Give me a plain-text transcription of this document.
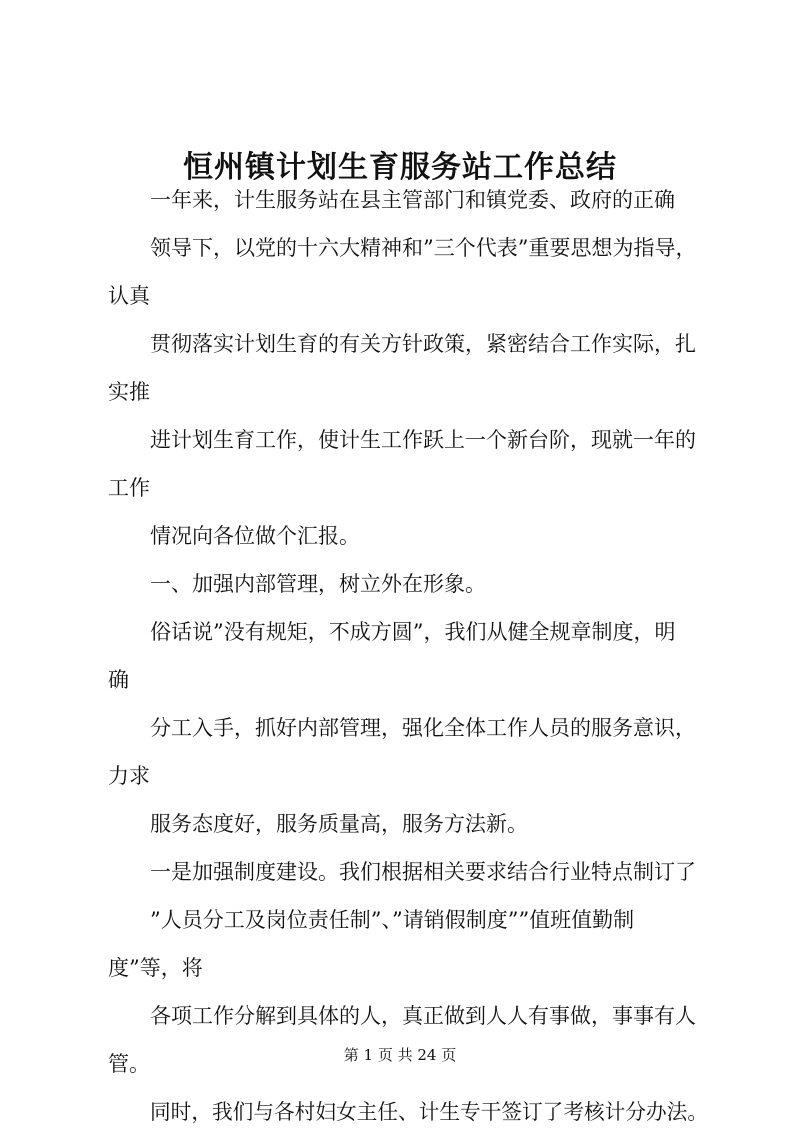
恒州镇计划生育服务站工作总结

一年来，计生服务站在县主管部门和镇党委、政府的正确

领导下，以党的十六大精神和”三个代表”重要思想为指导，

认真

贯彻落实计划生育的有关方针政策，紧密结合工作实际，扎

实推

进计划生育工作，使计生工作跃上一个新台阶，现就一年的

工作

情况向各位做个汇报。

一、加强内部管理，树立外在形象。

俗话说”没有规矩，不成方圆”，我们从健全规章制度，明

确

分工入手，抓好内部管理，强化全体工作人员的服务意识，

力求

服务态度好，服务质量高，服务方法新。

一是加强制度建设。我们根据相关要求结合行业特点制订了

”人员分工及岗位责任制”、”请销假制度””值班值勤制

度”等，将

各项工作分解到具体的人，真正做到人人有事做，事事有人

管。

同时，我们与各村妇女主任、计生专干签订了考核计分办法。

第 1 页 共 24 页
